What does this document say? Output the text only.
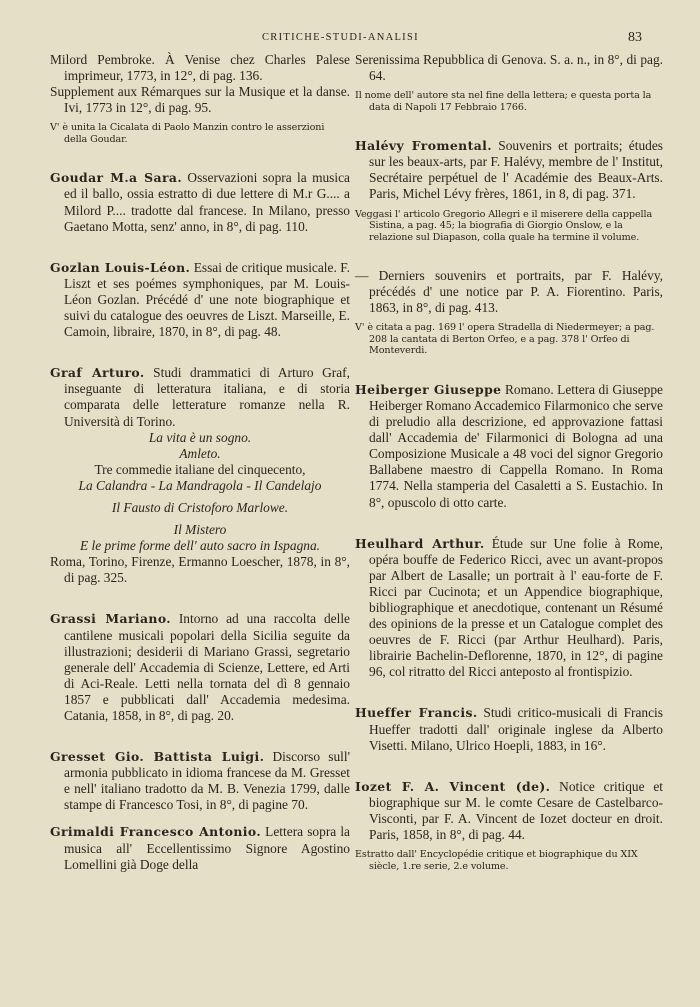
CRITICHE-STUDI-ANALISI	83

Milord Pembroke. À Venise chez Charles Palese imprimeur, 1773, in 12°, di pag. 136.

Supplement aux Rémarques sur la Musique et la danse. Ivi, 1773 in 12°, di pag. 95.

V' è unita la Cicalata di Paolo Manzin contro le asserzioni della Goudar.

Goudar M.a Sara. Osservazioni sopra la musica ed il ballo, ossia estratto di due lettere di M.r G.... a Milord P.... tradotte dal francese. In Milano, presso Gaetano Motta, senz' anno, in 8°, di pag. 110.

Gozlan Louis-Léon. Essai de critique musicale. F. Liszt et ses poémes symphoniques, par M. Louis- Léon Gozlan. Précédé d' une note biographique et suivi du catalogue des oeuvres de Liszt. Marseille, E. Camoin, libraire, 1870, in 8°, di pag. 48.

Graf Arturo. Studi drammatici di Arturo Graf, inseguante di letteratura italiana, e di storia comparata delle letterature romanze nella R. Università di Torino.

La vita è un sogno.

Amleto.

Tre commedie italiane del cinquecento,

La Calandra - La Mandragola - Il Candelajo

Il Fausto di Cristoforo Marlowe.

Il Mistero

E le prime forme dell' auto sacro in Ispagna.

Roma, Torino, Firenze, Ermanno Loescher, 1878, in 8°, di pag. 325.

Grassi Mariano. Intorno ad una raccolta delle cantilene musicali popolari della Sicilia seguite da illustrazioni; desiderii di Mariano Grassi, segretario generale dell' Accademia di Scienze, Lettere, ed Arti di Aci-Reale. Letti nella tornata del dì 8 gennaio 1857 e pubblicati dall' Accademia medesima. Catania, 1858, in 8°, di pag. 20.

Gresset Gio. Battista Luigi. Discorso sull' armonia pubblicato in idioma francese da M. Gresset e nell' italiano tradotto da M. B. Venezia 1799, dalle stampe di Francesco Tosi, in 8°, di pagine 70.

Grimaldi Francesco Antonio. Lettera sopra la musica all' Eccellentissimo Signore Agostino Lomellini già Doge della

Serenissima Repubblica di Genova. S. a. n., in 8°, di pag. 64.

Il nome dell' autore sta nel fine della lettera; e questa porta la data di Napoli 17 Febbraio 1766.

Halévy Fromental. Souvenirs et portraits; études sur les beaux-arts, par F. Halévy, membre de l' Institut, Secrétaire perpétuel de l' Académie des Beaux-Arts. Paris, Michel Lévy frères, 1861, in 8, di pag. 371.

Veggasi l' articolo Gregorio Allegri e il miserere della cappella Sistina, a pag. 45; la biografia di Giorgio Onslow, e la relazione sul Diapason, colla quale ha termine il volume.

— Derniers souvenirs et portraits, par F. Halévy, précédés d' une notice par P. A. Fiorentino. Paris, 1863, in 8°, di pag. 413.

V' è citata a pag. 169 l' opera Stradella di Niedermeyer; a pag. 208 la cantata di Berton Orfeo, e a pag. 378 l' Orfeo di Monteverdi.

Heiberger Giuseppe Romano. Lettera di Giuseppe Heiberger Romano Accademico Filarmonico che serve di preludio alla descrizione, ed approvazione fattasi dall' Accademia de' Filarmonici di Bologna ad una Composizione Musicale a 48 voci del signor Gregorio Ballabene maestro di Cappella Romano. In Roma 1774. Nella stamperia del Casaletti a S. Eustachio. In 8°, opuscolo di otto carte.

Heulhard Arthur. Étude sur Une folie à Rome, opéra bouffe de Federico Ricci, avec un avant-propos par Albert de Lasalle; un portrait à l' eau-forte de F. Ricci par Cucinota; et un Appendice biographique, bibliographique et anecdotique, contenant un Résumé des opinions de la presse et un Catalogue complet des oeuvres de F. Ricci (par Arthur Heulhard). Paris, librairie Bachelin-Deflorenne, 1870, in 12°, di pagine 96, col ritratto del Ricci anteposto al frontispizio.

Hueffer Francis. Studi critico-musicali di Francis Hueffer tradotti dall' originale inglese da Alberto Visetti. Milano, Ulrico Hoepli, 1883, in 16°.

Iozet F. A. Vincent (de). Notice critique et biographique sur M. le comte Cesare de Castelbarco-Visconti, par F. A. Vincent de Iozet docteur en droit. Paris, 1858, in 8°, di pag. 44.

Estratto dall' Encyclopédie critique et biographique du XIX siècle, 1.re serie, 2.e volume.
